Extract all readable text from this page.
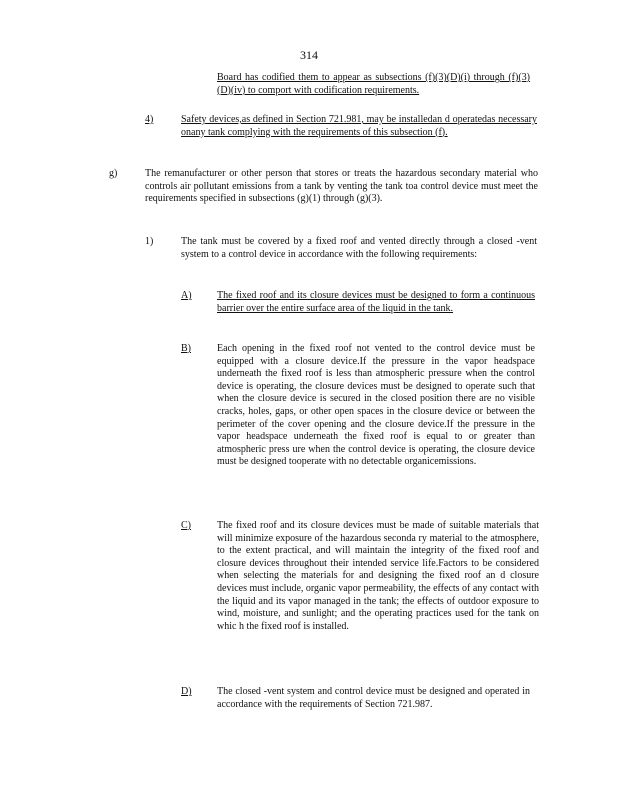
314
Board has codified them to appear as subsections (f)(3)(D)(i) through (f)(3)(D)(iv) to comport with codification requirements.
4)	Safety devices,as defined in Section 721.981, may be installedan d operatedas necessary onany tank complying with the requirements of this subsection (f).
g)	The remanufacturer or other person that stores or treats the hazardous secondary material who controls air pollutant emissions from a tank by venting the tank toa control device must meet the requirements specified in subsections (g)(1) through (g)(3).
1)	The tank must be covered by a fixed roof and vented directly through a closed -vent system to a control device in accordance with the following requirements:
A)	The fixed roof and its closure devices must be designed to form a continuous barrier over the entire surface area of the liquid in the tank.
B)	Each opening in the fixed roof not vented to the control device must be equipped with a closure device.If the pressure in the vapor headspace underneath the fixed roof is less than atmospheric pressure when the control device is operating, the closure devices must be designed to operate such that when the closure device is secured in the closed position there are no visible cracks, holes, gaps, or other open spaces in the closure device or between the perimeter of the cover opening and the closure device.If the pressure in the vapor headspace underneath the fixed roof is equal to or greater than atmospheric press ure when the control device is operating, the closure device must be designed tooperate with no detectable organicemissions.
C)	The fixed roof and its closure devices must be made of suitable materials that will minimize exposure of the hazardous seconda ry material to the atmosphere, to the extent practical, and will maintain the integrity of the fixed roof and closure devices throughout their intended service life.Factors to be considered when selecting the materials for and designing the fixed roof an d closure devices must include, organic vapor permeability, the effects of any contact with the liquid and its vapor managed in the tank; the effects of outdoor exposure to wind, moisture, and sunlight; and the operating practices used for the tank on whic h the fixed roof is installed.
D)	The closed -vent system and control device must be designed and operated in accordance with the requirements of Section 721.987.
